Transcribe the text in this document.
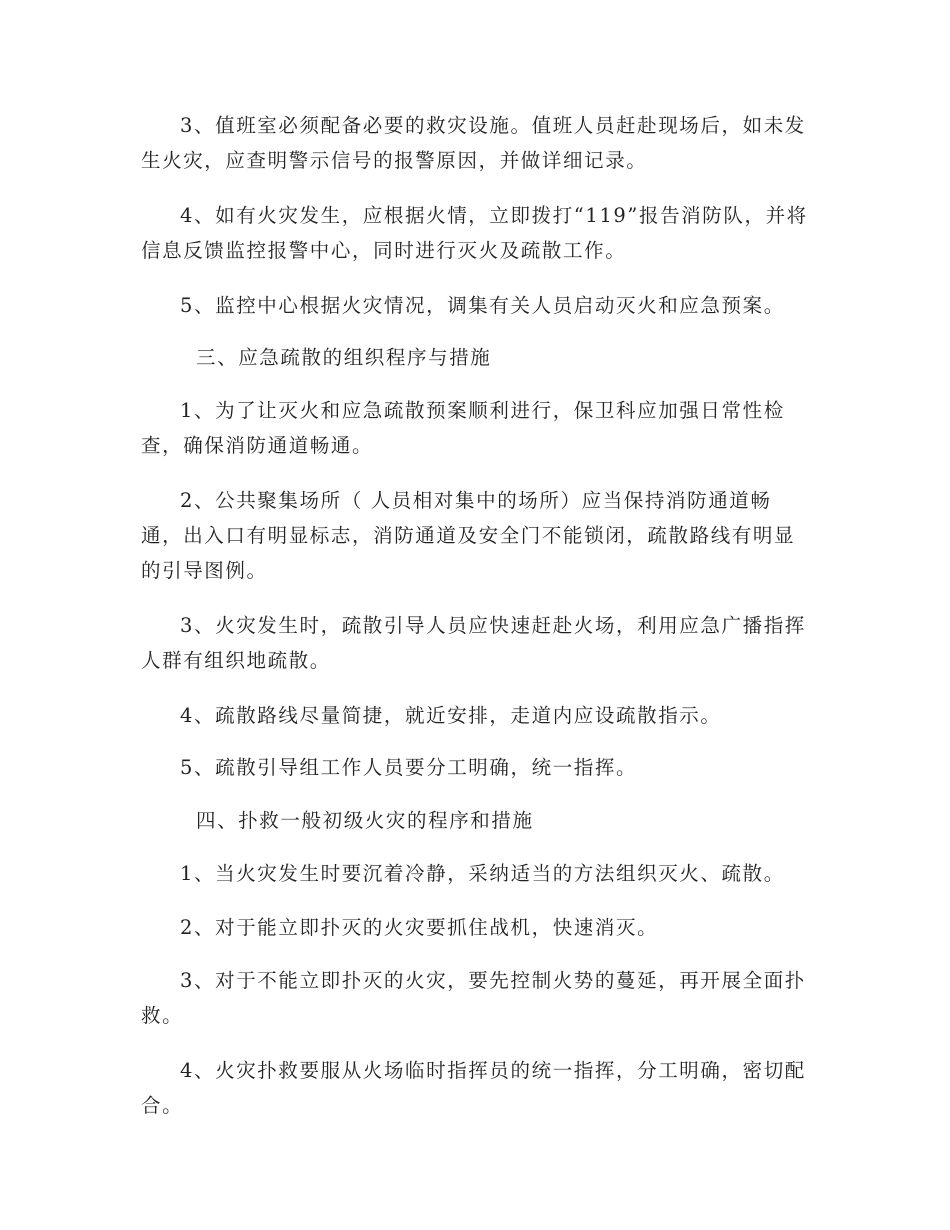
3、值班室必须配备必要的救灾设施。值班人员赶赴现场后，如未发生火灾，应查明警示信号的报警原因，并做详细记录。

4、如有火灾发生，应根据火情，立即拨打“119”报告消防队，并将信息反馈监控报警中心，同时进行灭火及疏散工作。

5、监控中心根据火灾情况，调集有关人员启动灭火和应急预案。

三、应急疏散的组织程序与措施

1、为了让灭火和应急疏散预案顺利进行，保卫科应加强日常性检查，确保消防通道畅通。

2、公共聚集场所（ 人员相对集中的场所）应当保持消防通道畅通，出入口有明显标志，消防通道及安全门不能锁闭，疏散路线有明显的引导图例。

3、火灾发生时，疏散引导人员应快速赶赴火场，利用应急广播指挥人群有组织地疏散。

4、疏散路线尽量简捷，就近安排，走道内应设疏散指示。

5、疏散引导组工作人员要分工明确，统一指挥。

四、扑救一般初级火灾的程序和措施

1、当火灾发生时要沉着冷静，采纳适当的方法组织灭火、疏散。

2、对于能立即扑灭的火灾要抓住战机，快速消灭。

3、对于不能立即扑灭的火灾，要先控制火势的蔓延，再开展全面扑救。

4、火灾扑救要服从火场临时指挥员的统一指挥，分工明确，密切配合。
